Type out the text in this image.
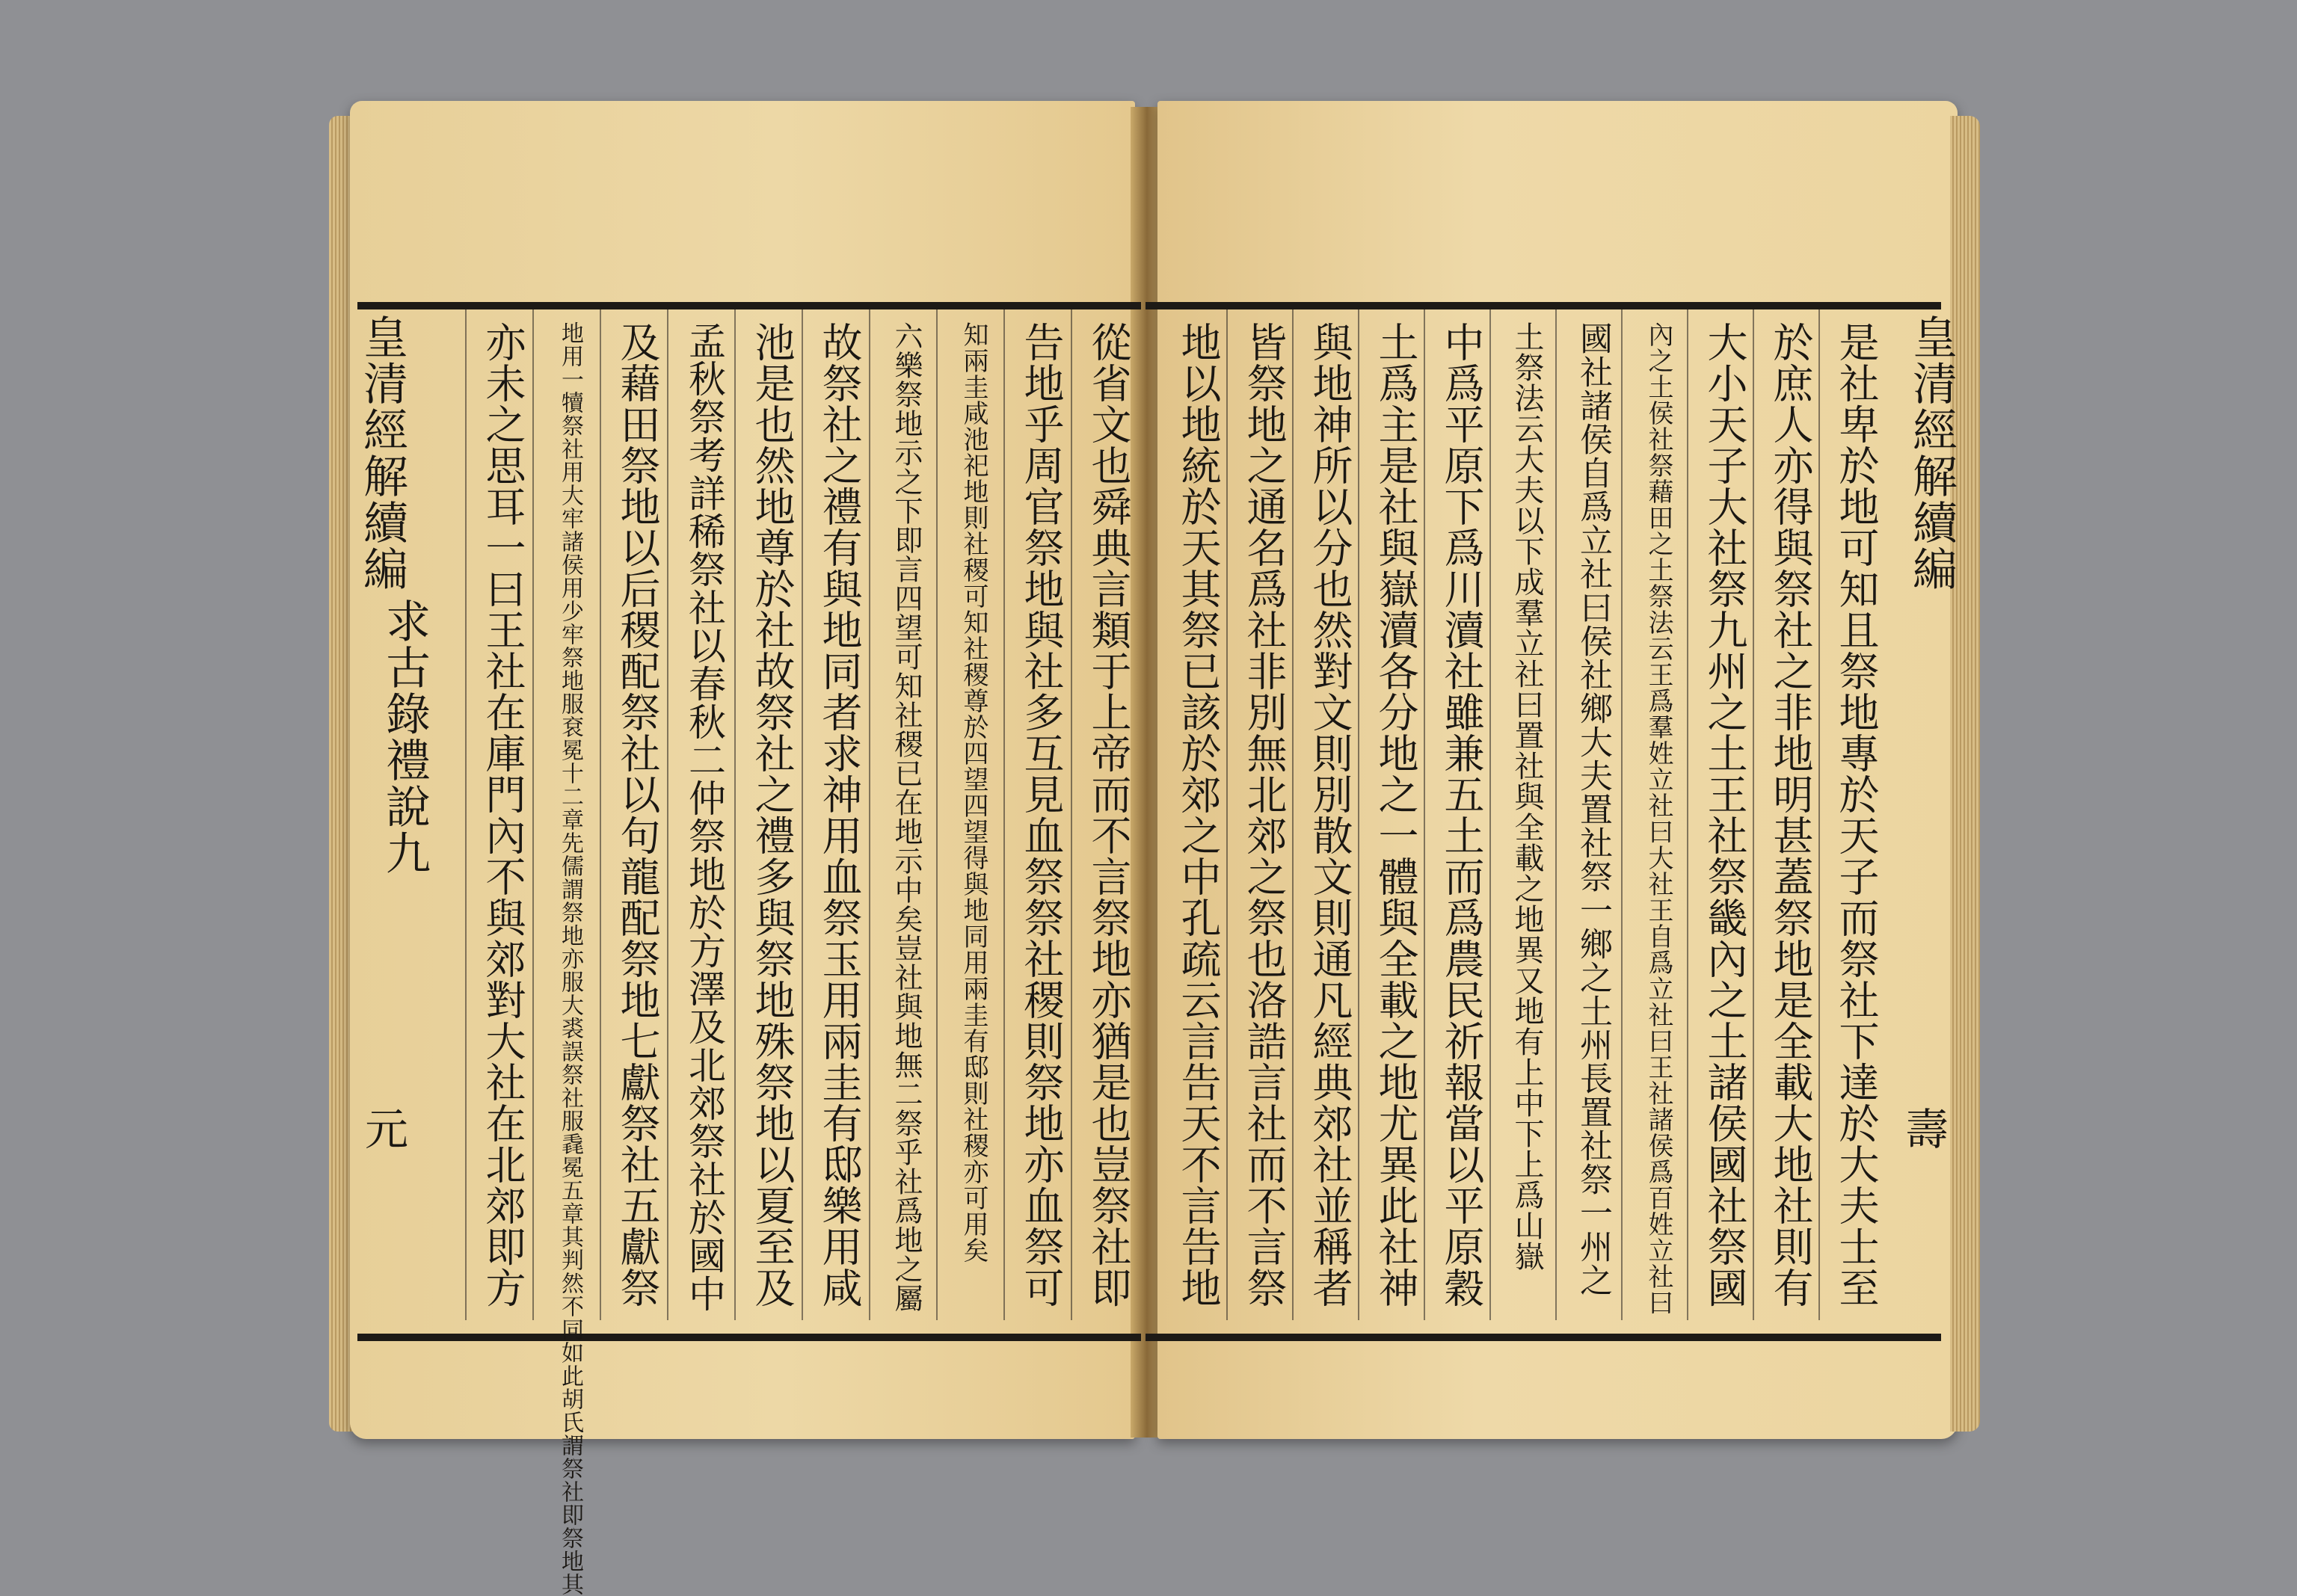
皇清經解續編
求古錄禮說九
元	從省文也舜典言類于上帝而不言祭地亦猶是也豈祭社即
告地乎周官祭地與社多互見血祭祭社稷則祭地亦血祭可
知兩圭咸池祀地則社稷可知社稷尊於四望四望得與地同用兩圭有邸則社稷亦可用矣
六樂祭地示之下即言四望可知社稷已在地示中矣豈社與地無二祭乎社爲地之屬
故祭社之禮有與地同者求神用血祭玉用兩圭有邸樂用咸
池是也然地尊於社故祭社之禮多與祭地殊祭地以夏至及
孟秋祭考詳稀祭社以春秋二仲祭地於方澤及北郊祭社於國中
及藉田祭地以后稷配祭社以句龍配祭地七獻祭社五獻祭
地用一犢祭社用大牢諸侯用少牢祭地服袞冕十二章先儒謂祭地亦服大裘誤祭社服毳冕五章其判然不同如此胡氏謂祭社即祭地其
亦未之思耳一曰王社在庫門內不與郊對大社在北郊即方	皇清經解續編
壽
是社卑於地可知且祭地專於天子而祭社下達於大夫士至
於庶人亦得與祭社之非地明甚蓋祭地是全載大地社則有
大小天子大社祭九州之土王社祭畿內之土諸侯國社祭國
內之土侯社祭藉田之土祭法云王爲羣姓立社曰大社王自爲立社曰王社諸侯爲百姓立社曰
國社諸侯自爲立社曰侯社鄉大夫置社祭一鄉之土州長置社祭一州之
土祭法云大夫以下成羣立社曰置社與全載之地異又地有上中下上爲山嶽
中爲平原下爲川瀆社雖兼五土而爲農民祈報當以平原穀
土爲主是社與嶽瀆各分地之一體與全載之地尤異此社神
與地神所以分也然對文則別散文則通凡經典郊社並稱者
皆祭地之通名爲社非別無北郊之祭也洛誥言社而不言祭
地以地統於天其祭已該於郊之中孔疏云言告天不言告地
